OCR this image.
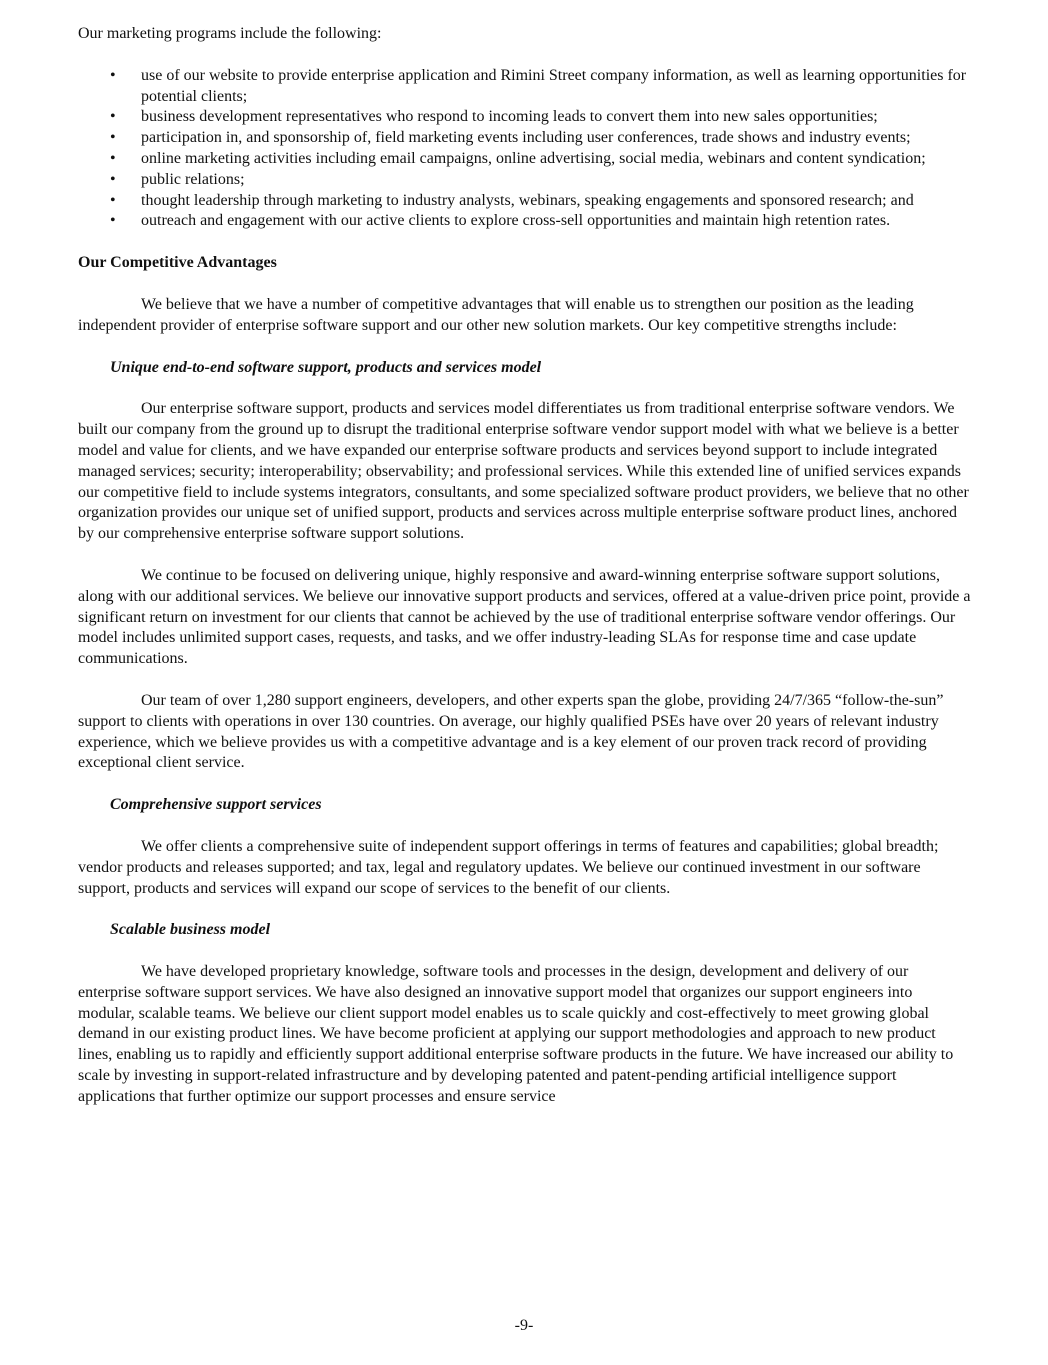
Our marketing programs include the following:

• use of our website to provide enterprise application and Rimini Street company information, as well as learning opportunities for potential clients;
• business development representatives who respond to incoming leads to convert them into new sales opportunities;
• participation in, and sponsorship of, field marketing events including user conferences, trade shows and industry events;
• online marketing activities including email campaigns, online advertising, social media, webinars and content syndication;
• public relations;
• thought leadership through marketing to industry analysts, webinars, speaking engagements and sponsored research; and
• outreach and engagement with our active clients to explore cross-sell opportunities and maintain high retention rates.
Our Competitive Advantages

We believe that we have a number of competitive advantages that will enable us to strengthen our position as the leading independent provider of enterprise software support and our other new solution markets. Our key competitive strengths include:

Unique end-to-end software support, products and services model

Our enterprise software support, products and services model differentiates us from traditional enterprise software vendors. We built our company from the ground up to disrupt the traditional enterprise software vendor support model with what we believe is a better model and value for clients, and we have expanded our enterprise software products and services beyond support to include integrated managed services; security; interoperability; observability; and professional services. While this extended line of unified services expands our competitive field to include systems integrators, consultants, and some specialized software product providers, we believe that no other organization provides our unique set of unified support, products and services across multiple enterprise software product lines, anchored by our comprehensive enterprise software support solutions.

We continue to be focused on delivering unique, highly responsive and award-winning enterprise software support solutions, along with our additional services. We believe our innovative support products and services, offered at a value-driven price point, provide a significant return on investment for our clients that cannot be achieved by the use of traditional enterprise software vendor offerings. Our model includes unlimited support cases, requests, and tasks, and we offer industry-leading SLAs for response time and case update communications.

Our team of over 1,280 support engineers, developers, and other experts span the globe, providing 24/7/365 “follow-the-sun” support to clients with operations in over 130 countries. On average, our highly qualified PSEs have over 20 years of relevant industry experience, which we believe provides us with a competitive advantage and is a key element of our proven track record of providing exceptional client service.

Comprehensive support services

We offer clients a comprehensive suite of independent support offerings in terms of features and capabilities; global breadth; vendor products and releases supported; and tax, legal and regulatory updates. We believe our continued investment in our software support, products and services will expand our scope of services to the benefit of our clients.

Scalable business model

We have developed proprietary knowledge, software tools and processes in the design, development and delivery of our enterprise software support services. We have also designed an innovative support model that organizes our support engineers into modular, scalable teams. We believe our client support model enables us to scale quickly and cost-effectively to meet growing global demand in our existing product lines. We have become proficient at applying our support methodologies and approach to new product lines, enabling us to rapidly and efficiently support additional enterprise software products in the future. We have increased our ability to scale by investing in support-related infrastructure and by developing patented and patent-pending artificial intelligence support applications that further optimize our support processes and ensure service

-9-
